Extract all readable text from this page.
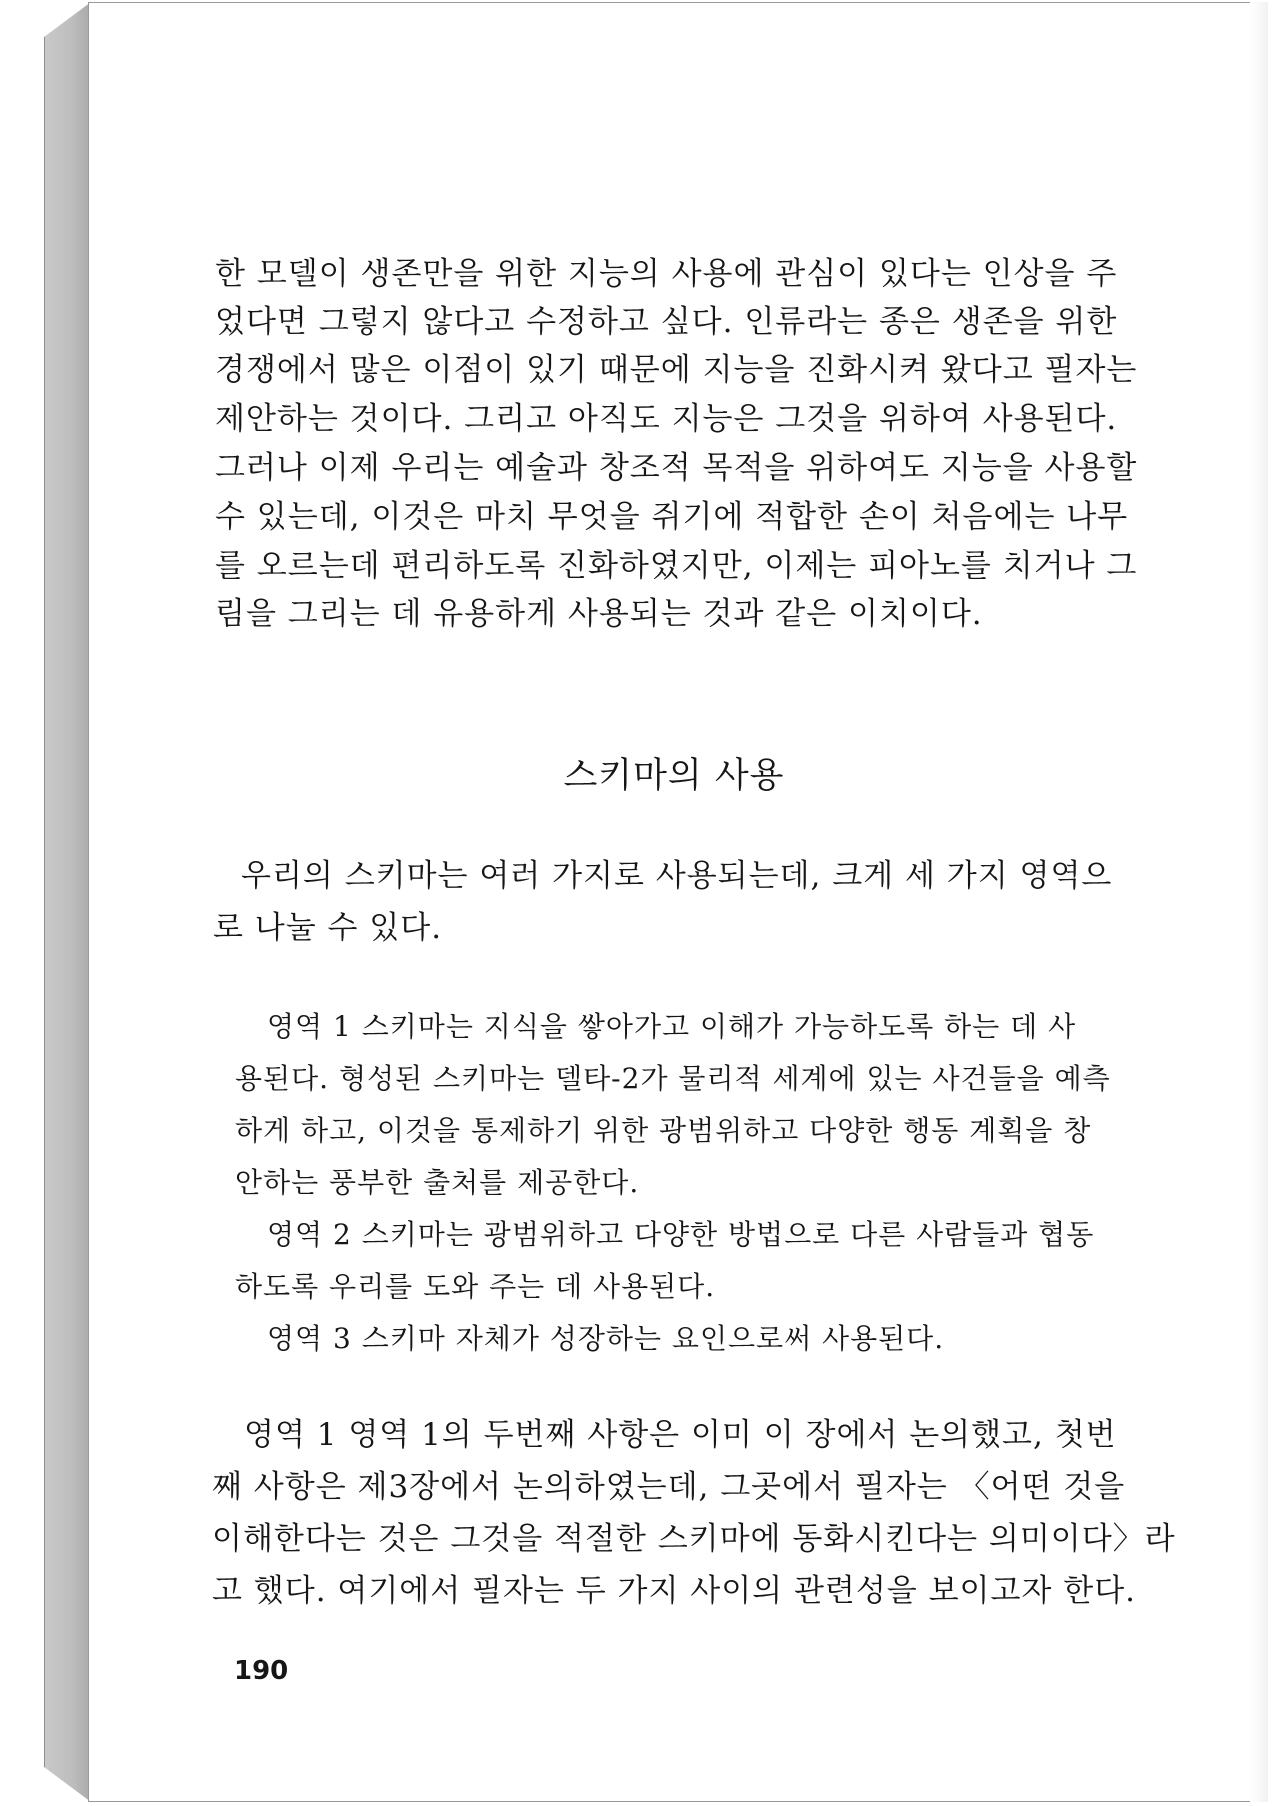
한 모델이 생존만을 위한 지능의 사용에 관심이 있다는 인상을 주
었다면 그렇지 않다고 수정하고 싶다. 인류라는 종은 생존을 위한
경쟁에서 많은 이점이 있기 때문에 지능을 진화시켜 왔다고 필자는
제안하는 것이다. 그리고 아직도 지능은 그것을 위하여 사용된다.
그러나 이제 우리는 예술과 창조적 목적을 위하여도 지능을 사용할
수 있는데, 이것은 마치 무엇을 쥐기에 적합한 손이 처음에는 나무
를 오르는데 편리하도록 진화하였지만, 이제는 피아노를 치거나 그
림을 그리는 데 유용하게 사용되는 것과 같은 이치이다.
스키마의 사용
우리의 스키마는 여러 가지로 사용되는데, 크게 세 가지 영역으
로 나눌 수 있다.
영역 1 스키마는 지식을 쌓아가고 이해가 가능하도록 하는 데 사
용된다. 형성된 스키마는 델타-2가 물리적 세계에 있는 사건들을 예측
하게 하고, 이것을 통제하기 위한 광범위하고 다양한 행동 계획을 창
안하는 풍부한 출처를 제공한다.
영역 2 스키마는 광범위하고 다양한 방법으로 다른 사람들과 협동
하도록 우리를 도와 주는 데 사용된다.
영역 3 스키마 자체가 성장하는 요인으로써 사용된다.
영역 1 영역 1의 두번째 사항은 이미 이 장에서 논의했고, 첫번
째 사항은 제3장에서 논의하였는데, 그곳에서 필자는 〈어떤 것을
이해한다는 것은 그것을 적절한 스키마에 동화시킨다는 의미이다〉라
고 했다. 여기에서 필자는 두 가지 사이의 관련성을 보이고자 한다.
190
